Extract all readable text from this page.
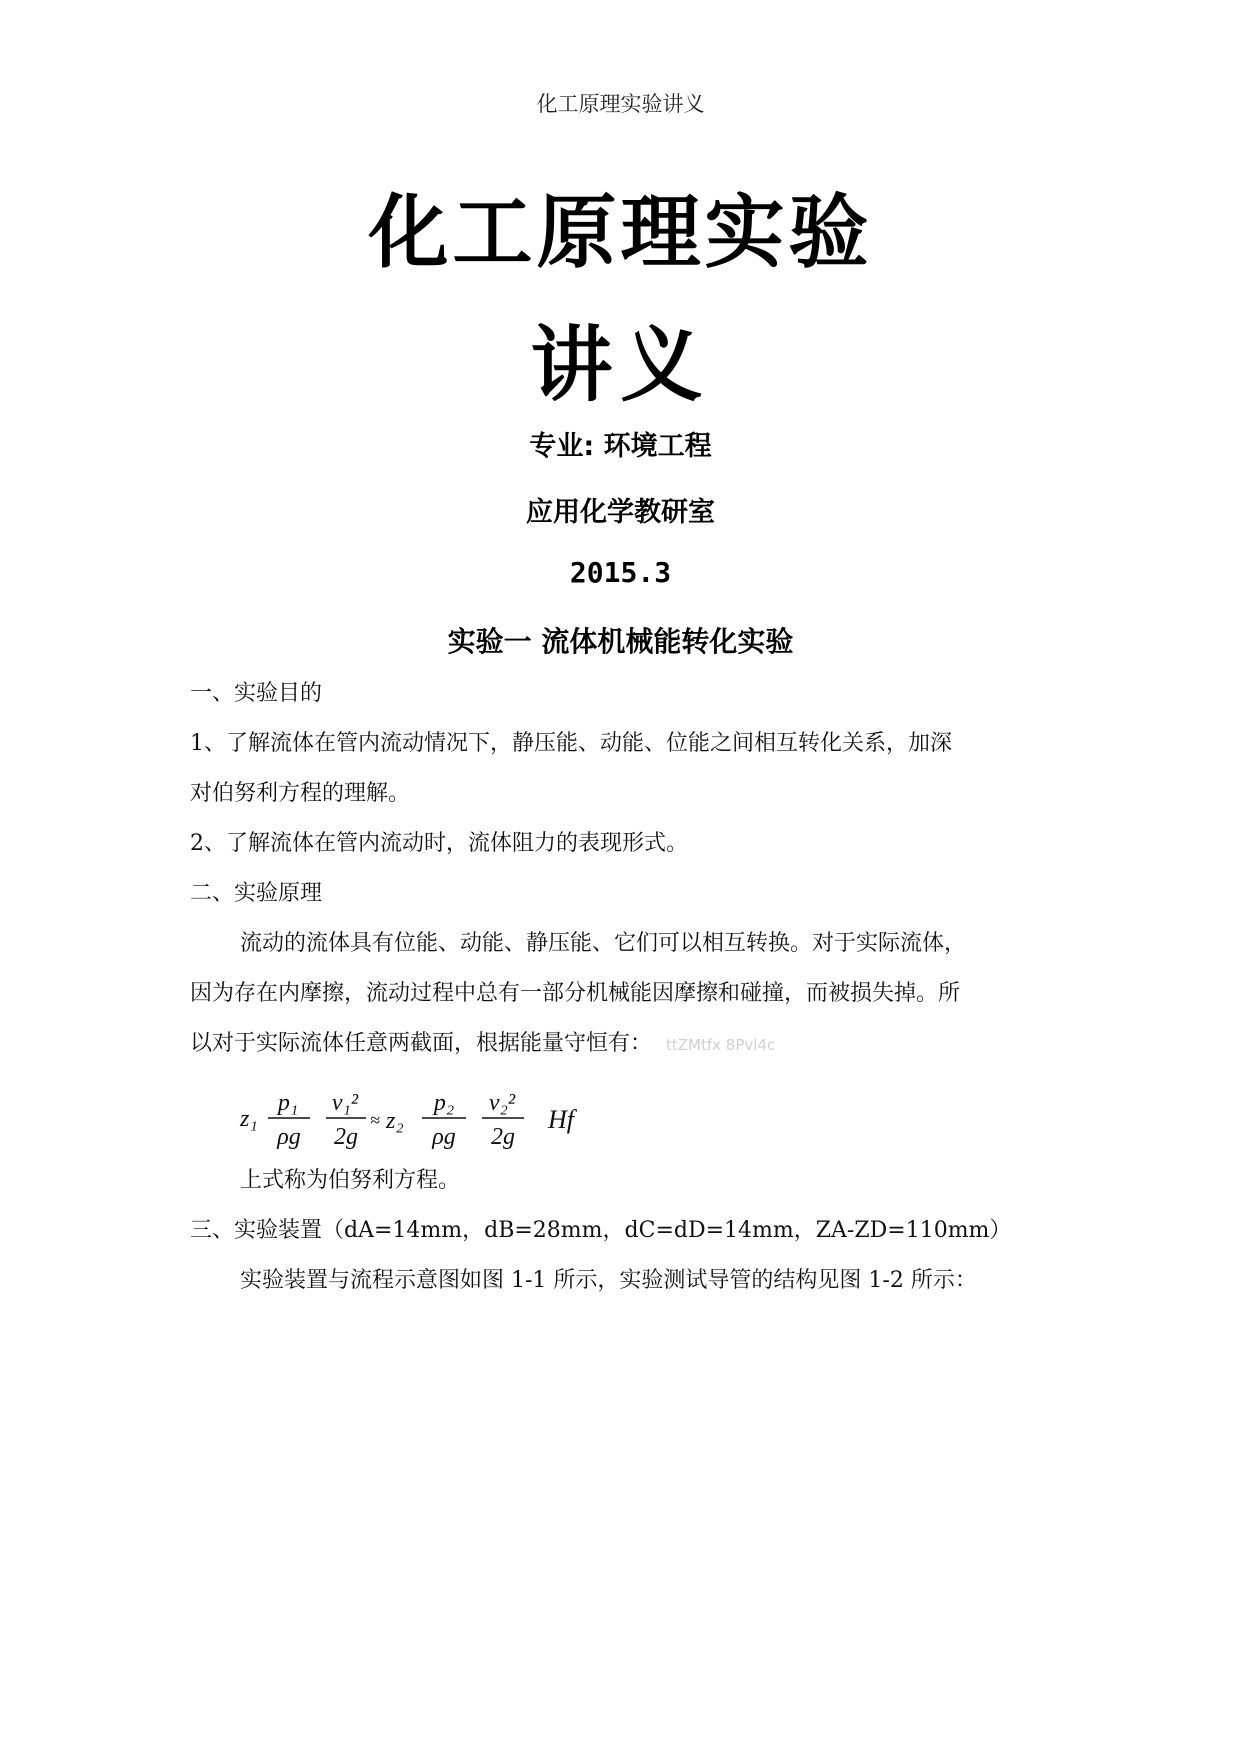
化工原理实验讲义
化工原理实验
讲义
专业: 环境工程
应用化学教研室
2015.3
实验一 流体机械能转化实验
一、实验目的
1、了解流体在管内流动情况下，静压能、动能、位能之间相互转化关系，加深
对伯努利方程的理解。
2、了解流体在管内流动时，流体阻力的表现形式。
二、实验原理
流动的流体具有位能、动能、静压能、它们可以相互转换。对于实际流体，
因为存在内摩擦，流动过程中总有一部分机械能因摩擦和碰撞，而被损失掉。所
以对于实际流体任意两截面，根据能量守恒有： ttZMtfx 8Pvl4c
z₁
p₁
ρg
v₁²
2g
≈ z₂
p₂
ρg
v₂²
2g
Hf
上式称为伯努利方程。
三、实验装置（dA=14mm，dB=28mm，dC=dD=14mm，ZA-ZD=110mm）
实验装置与流程示意图如图 1-1 所示，实验测试导管的结构见图 1-2 所示：
